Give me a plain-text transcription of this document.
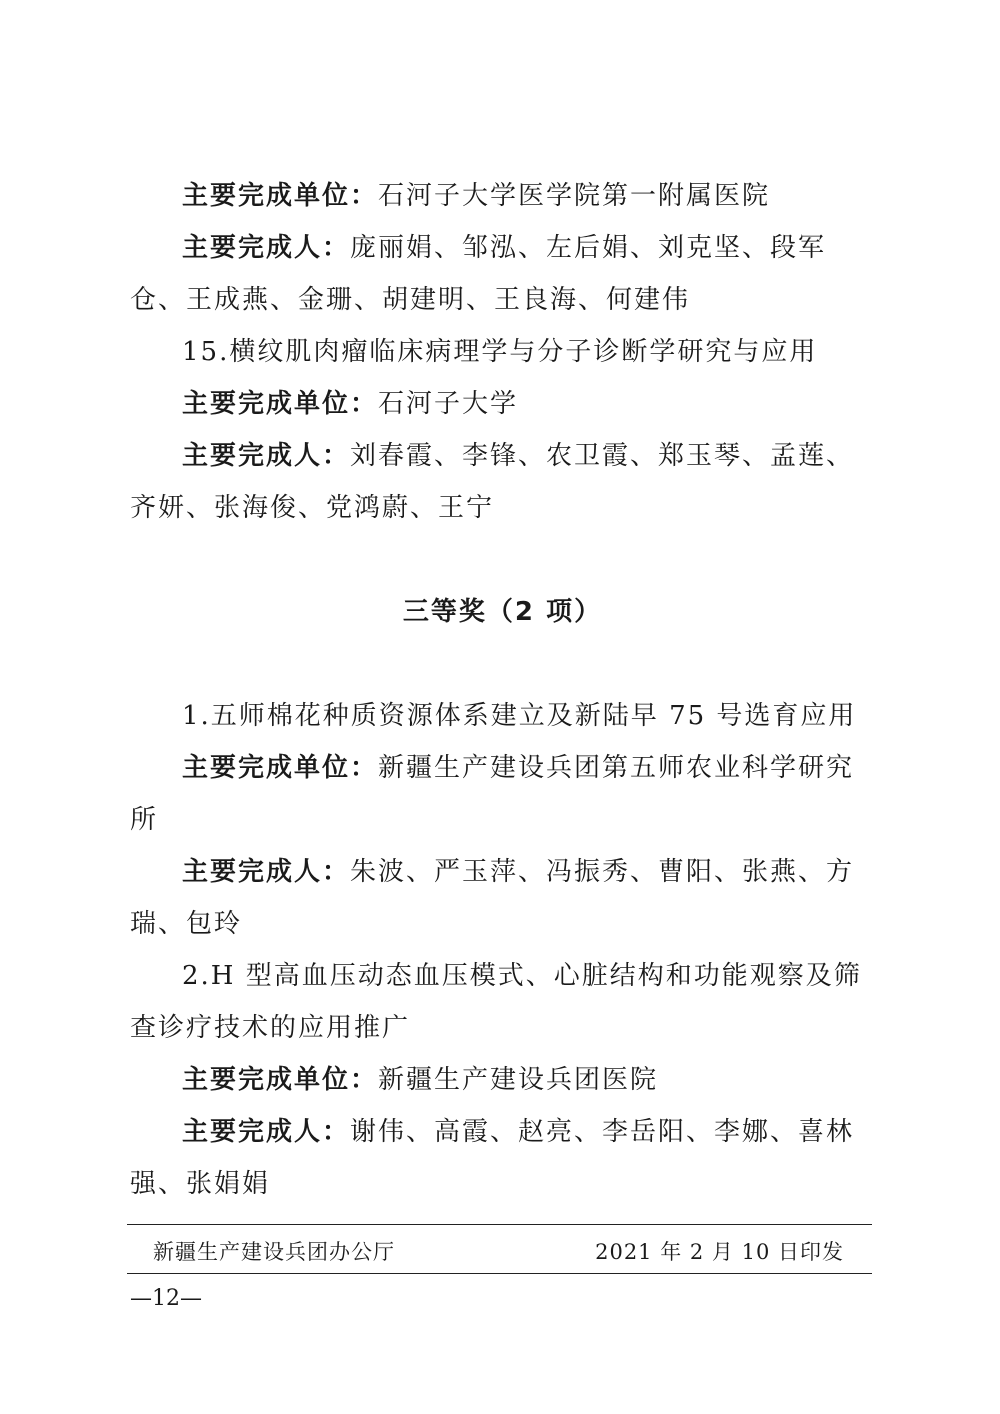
主要完成单位：石河子大学医学院第一附属医院

主要完成人：庞丽娟、邹泓、左后娟、刘克坚、段军仓、王成燕、金珊、胡建明、王良海、何建伟

15.横纹肌肉瘤临床病理学与分子诊断学研究与应用

主要完成单位：石河子大学

主要完成人：刘春霞、李锋、农卫霞、郑玉琴、孟莲、齐妍、张海俊、党鸿蔚、王宁

三等奖（2 项）

1.五师棉花种质资源体系建立及新陆早 75 号选育应用

主要完成单位：新疆生产建设兵团第五师农业科学研究所

主要完成人：朱波、严玉萍、冯振秀、曹阳、张燕、方瑞、包玲

2.H 型高血压动态血压模式、心脏结构和功能观察及筛查诊疗技术的应用推广

主要完成单位：新疆生产建设兵团医院

主要完成人：谢伟、高霞、赵亮、李岳阳、李娜、喜林强、张娟娟

新疆生产建设兵团办公厅	2021 年 2 月 10 日印发
—12—
